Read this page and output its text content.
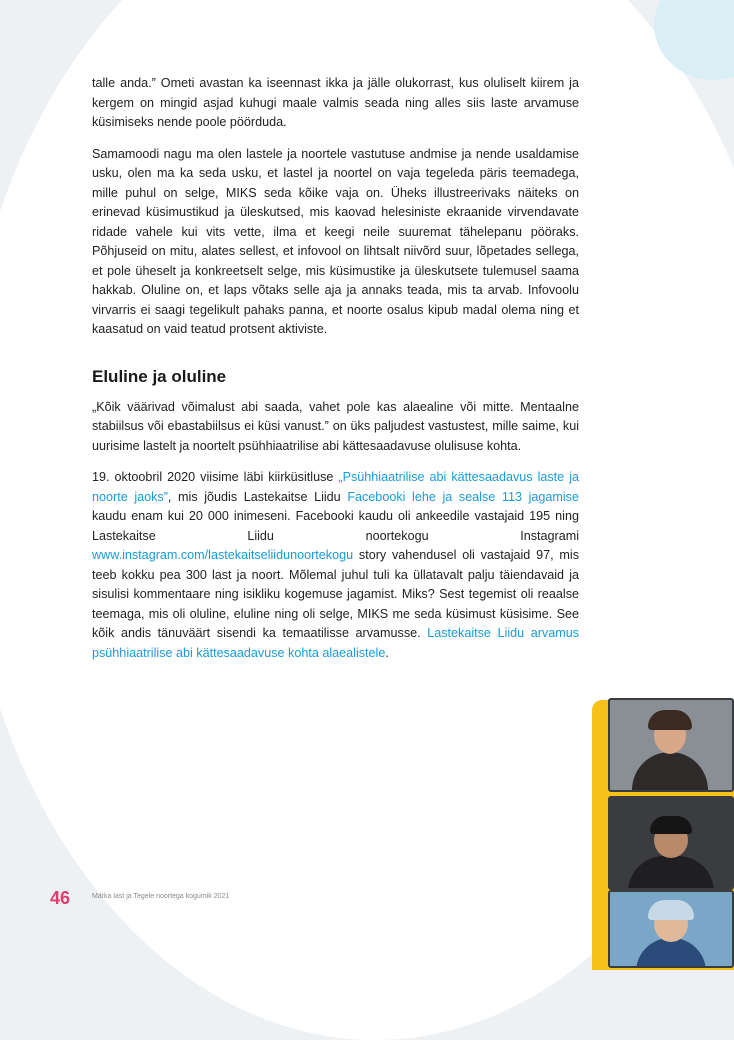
talle anda.” Ometi avastan ka iseennast ikka ja jälle olukorrast, kus oluliselt kiirem ja kergem on mingid asjad kuhugi maale valmis seada ning alles siis laste arvamuse küsimiseks nende poole pöörduda.

Samamoodi nagu ma olen lastele ja noortele vastutuse andmise ja nende usaldamise usku, olen ma ka seda usku, et lastel ja noortel on vaja tegeleda päris teemadega, mille puhul on selge, MIKS seda kõike vaja on. Üheks illustreerivaks näiteks on erinevad küsimustikud ja üleskutsed, mis kaovad helesiniste ekraanide virvendavate ridade vahele kui vits vette, ilma et keegi neile suuremat tähelepanu pööraks. Põhjuseid on mitu, alates sellest, et infovool on lihtsalt niivõrd suur, lõpetades sellega, et pole üheselt ja konkreetselt selge, mis küsimustike ja üleskutsete tulemusel saama hakkab. Oluline on, et laps võtaks selle aja ja annaks teada, mis ta arvab. Infovoolu virvarris ei saagi tegelikult pahaks panna, et noorte osalus kipub madal olema ning et kaasatud on vaid teatud protsent aktiviste.

Eluline ja oluline

„Kõik väärivad võimalust abi saada, vahet pole kas alaealine või mitte. Mentaalne stabiilsus või ebastabiilsus ei küsi vanust.” on üks paljudest vastustest, mille saime, kui uurisime lastelt ja noortelt psühhiaatrilise abi kättesaadavuse olulisuse kohta.

19. oktoobril 2020 viisime läbi kiirküsitluse „Psühhiaatrilise abi kättesaadavus laste ja noorte jaoks”, mis jõudis Lastekaitse Liidu Facebooki lehe ja sealse 113 jagamise kaudu enam kui 20 000 inimeseni. Facebooki kaudu oli ankeedile vastajaid 195 ning Lastekaitse Liidu noortekogu Instagrami www.instagram.com/lastekaitseliidunoortekogu story vahendusel oli vastajaid 97, mis teeb kokku pea 300 last ja noort. Mõlemal juhul tuli ka üllatavalt palju täiendavaid ja sisulisi kommentaare ning isikliku kogemuse jagamist. Miks? Sest tegemist oli reaalse teemaga, mis oli oluline, eluline ning oli selge, MIKS me seda küsimust küsisime. See kõik andis tänuväärt sisendi ka temaatilisse arvamusse. Lastekaitse Liidu arvamus psühhiaatrilise abi kättesaadavuse kohta alaealistele.

46	Märka last ja Tegele noortega kogumik 2021
